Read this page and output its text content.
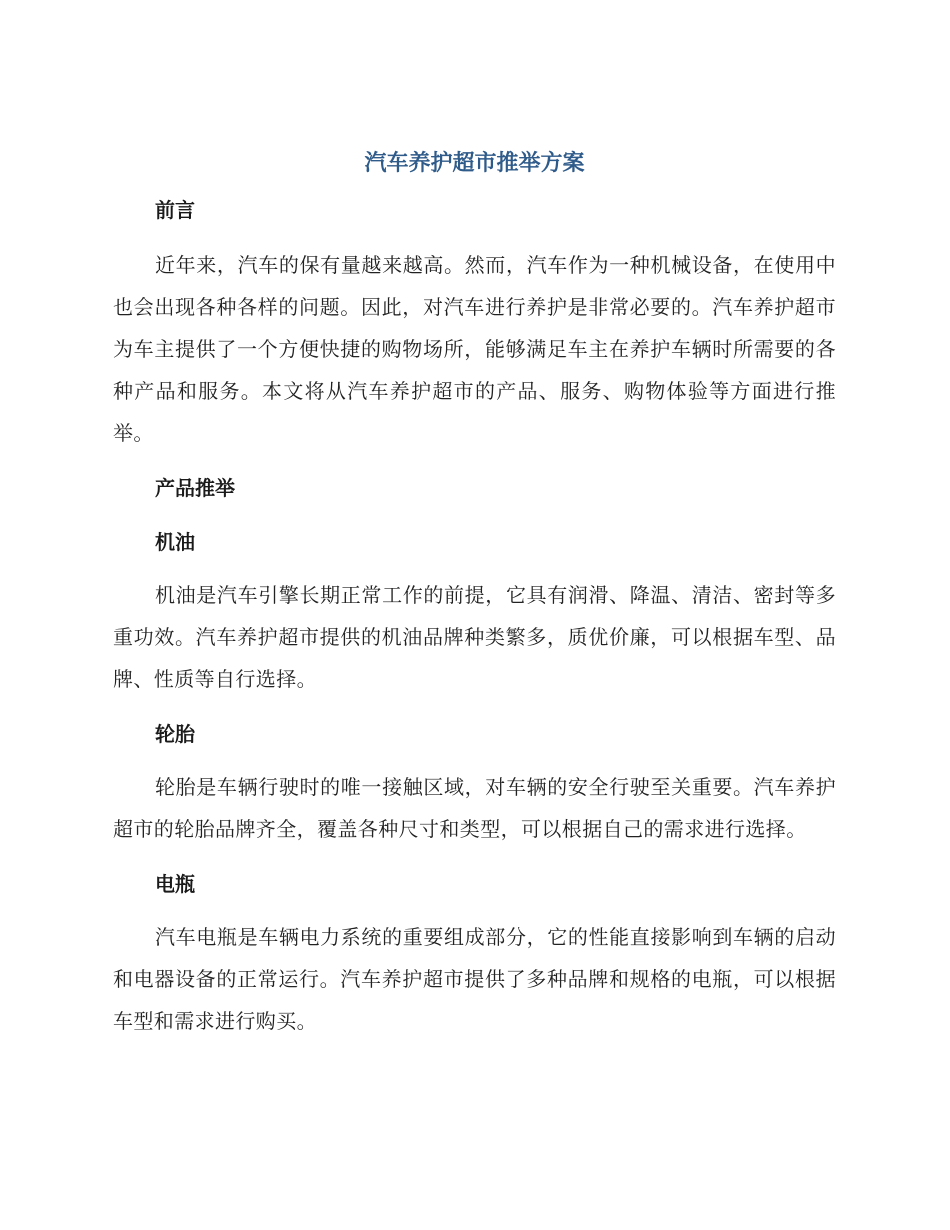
汽车养护超市推举方案
前言

近年来，汽车的保有量越来越高。然而，汽车作为一种机械设备，在使用中也会出现各种各样的问题。因此，对汽车进行养护是非常必要的。汽车养护超市为车主提供了一个方便快捷的购物场所，能够满足车主在养护车辆时所需要的各种产品和服务。本文将从汽车养护超市的产品、服务、购物体验等方面进行推举。

产品推举
机油

机油是汽车引擎长期正常工作的前提，它具有润滑、降温、清洁、密封等多重功效。汽车养护超市提供的机油品牌种类繁多，质优价廉，可以根据车型、品牌、性质等自行选择。

轮胎

轮胎是车辆行驶时的唯一接触区域，对车辆的安全行驶至关重要。汽车养护超市的轮胎品牌齐全，覆盖各种尺寸和类型，可以根据自己的需求进行选择。

电瓶

汽车电瓶是车辆电力系统的重要组成部分，它的性能直接影响到车辆的启动和电器设备的正常运行。汽车养护超市提供了多种品牌和规格的电瓶，可以根据车型和需求进行购买。
